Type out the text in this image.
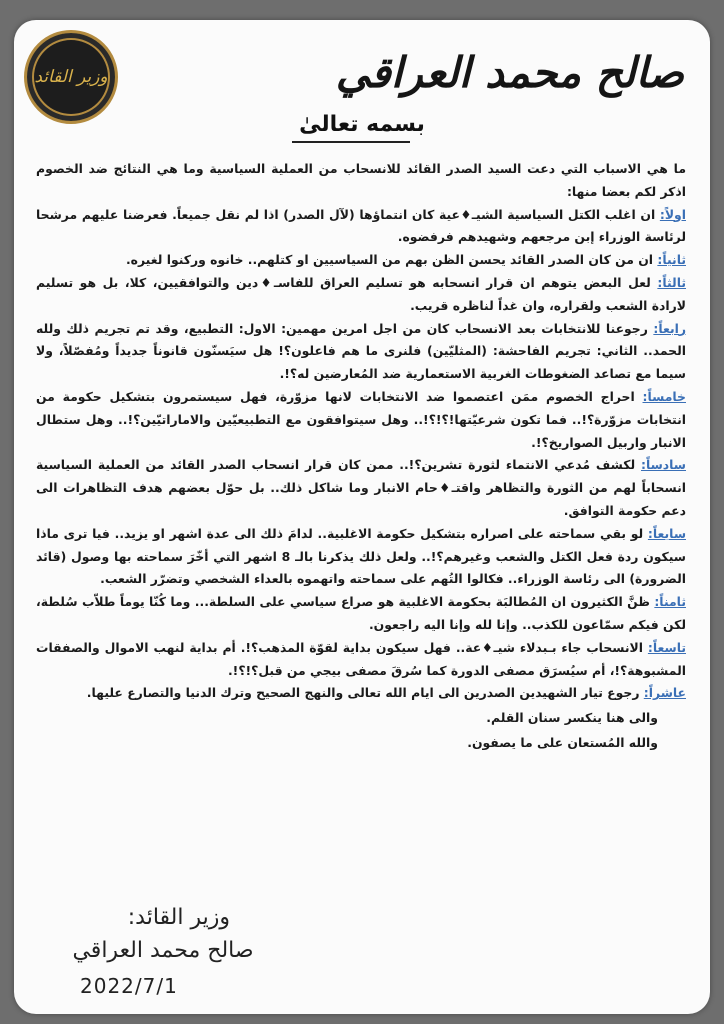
وزير القائد	صالح محمد العراقي
بسمه تعالىٰ

ما هي الاسباب التي دعت السيد الصدر القائد للانسحاب من العملية السياسية وما هي النتائج ضد الخصوم اذكر لكم بعضا منها:

اولاً: ان اغلب الكتل السياسية الشيـ♦عية كان انتماؤها (لآل الصدر) اذا لم نقل جميعاً. فعرضنا عليهم مرشحا لرئاسة الوزراء إبن مرجعهم وشهيدهم فرفضوه.

ثانياً: ان من كان الصدر القائد يحسن الظن بهم من السياسيين او كتلهم.. خانوه وركنوا لغيره.

ثالثاً: لعل البعض يتوهم ان قرار انسحابه هو تسليم العراق للفاسـ♦دين والتوافقيين، كلا، بل هو تسليم لارادة الشعب ولقراره، وان غداً لناظره قريب.

رابعاً: رجوعنا للانتخابات بعد الانسحاب كان من اجل امرين مهمين: الاول: التطبيع، وقد تم تجريم ذلك ولله الحمد.. الثاني: تجريم الفاحشة: (المثليّين) فلنرى ما هم فاعلون؟! هل سيَسنّون قانوناً جديداً ومُفصّلاً، ولا سيما مع تصاعد الضغوطات الغربية الاستعمارية ضد المُعارضين له؟!.

خامساً: احراج الخصوم ممَن اعتصموا ضد الانتخابات لانها مزوّرة، فهل سيستمرون بتشكيل حكومة من انتخابات مزوّرة؟!.. فما تكون شرعيّتها!؟!؟!.. وهل سيتوافقون مع التطبيعيّين والاماراتيّين؟!.. وهل ستطال الانبار واربيل الصواريخ؟!.

سادساً: لكشف مُدعي الانتماء لثورة تشرين؟!.. ممن كان قرار انسحاب الصدر القائد من العملية السياسية انسحاباً لهم من الثورة والتظاهر واقتـ♦حام الانبار وما شاكل ذلك.. بل حوّل بعضهم هدف التظاهرات الى دعم حكومة التوافق.

سابعاً: لو بقي سماحته على اصراره بتشكيل حكومة الاغلبية.. لدامَ ذلك الى عدة اشهر او يزيد.. فيا ترى ماذا سيكون ردة فعل الكتل والشعب وغيرهم؟!.. ولعل ذلك يذكرنا بالـ 8 اشهر التي أخّرَ سماحته بها وصول (قائد الضرورة) الى رئاسة الوزراء.. فكالوا التُهم على سماحته واتهموه بالعداء الشخصي وتضرّر الشعب.

ثامناً: ظنَّ الكثيرون ان المُطالبَة بحكومة الاغلبية هو صراع سياسي على السلطة... وما كُنّا يوماً طلاّب سُلطة، لكن فيكم سمّاعون للكذب.. وإنا لله وإنا اليه راجعون.

تاسعاً: الانسحاب جاء بـبدلاء شيـ♦عة.. فهل سيكون بداية لقوّة المذهب؟!. أم بداية لنهب الاموال والصفقات المشبوهة؟!، أم سيُسرَق مصفى الدورة كما سُرقَ مصفى بيجي من قبل؟!؟!.

عاشراً: رجوع تيار الشهيدين الصدرين الى ايام الله تعالى والنهج الصحيح وترك الدنيا والتصارع عليها.

والى هنا ينكسر سنان القلم.

والله المُستعان على ما يصفون.

وزير القائد:
صالح محمد العراقي
2022/7/1
